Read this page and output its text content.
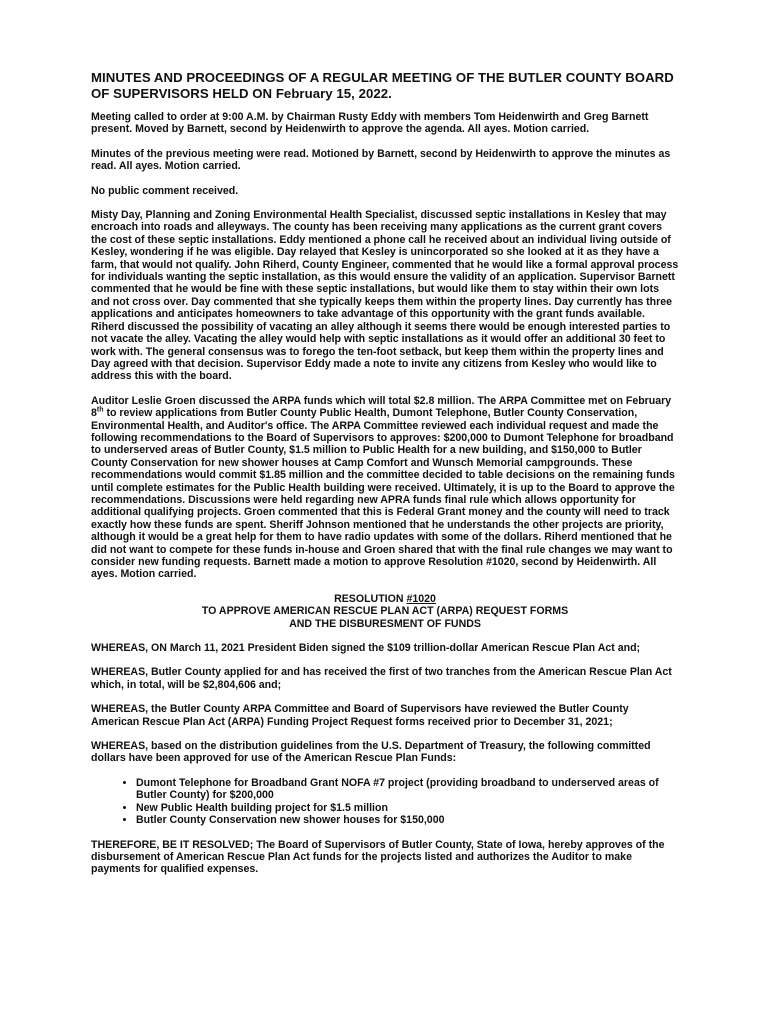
MINUTES AND PROCEEDINGS OF A REGULAR MEETING OF THE BUTLER COUNTY BOARD OF SUPERVISORS HELD ON February 15, 2022.

Meeting called to order at 9:00 A.M. by Chairman Rusty Eddy with members Tom Heidenwirth and Greg Barnett present. Moved by Barnett, second by Heidenwirth to approve the agenda. All ayes. Motion carried.

Minutes of the previous meeting were read. Motioned by Barnett, second by Heidenwirth to approve the minutes as read. All ayes. Motion carried.

No public comment received.

Misty Day, Planning and Zoning Environmental Health Specialist, discussed septic installations in Kesley that may encroach into roads and alleyways. The county has been receiving many applications as the current grant covers the cost of these septic installations. Eddy mentioned a phone call he received about an individual living outside of Kesley, wondering if he was eligible. Day relayed that Kesley is unincorporated so she looked at it as they have a farm, that would not qualify. John Riherd, County Engineer, commented that he would like a formal approval process for individuals wanting the septic installation, as this would ensure the validity of an application. Supervisor Barnett commented that he would be fine with these septic installations, but would like them to stay within their own lots and not cross over. Day commented that she typically keeps them within the property lines. Day currently has three applications and anticipates homeowners to take advantage of this opportunity with the grant funds available. Riherd discussed the possibility of vacating an alley although it seems there would be enough interested parties to not vacate the alley. Vacating the alley would help with septic installations as it would offer an additional 30 feet to work with. The general consensus was to forego the ten-foot setback, but keep them within the property lines and Day agreed with that decision. Supervisor Eddy made a note to invite any citizens from Kesley who would like to address this with the board.

Auditor Leslie Groen discussed the ARPA funds which will total $2.8 million. The ARPA Committee met on February 8th to review applications from Butler County Public Health, Dumont Telephone, Butler County Conservation, Environmental Health, and Auditor's office. The ARPA Committee reviewed each individual request and made the following recommendations to the Board of Supervisors to approves: $200,000 to Dumont Telephone for broadband to underserved areas of Butler County, $1.5 million to Public Health for a new building, and $150,000 to Butler County Conservation for new shower houses at Camp Comfort and Wunsch Memorial campgrounds. These recommendations would commit $1.85 million and the committee decided to table decisions on the remaining funds until complete estimates for the Public Health building were received. Ultimately, it is up to the Board to approve the recommendations. Discussions were held regarding new APRA funds final rule which allows opportunity for additional qualifying projects. Groen commented that this is Federal Grant money and the county will need to track exactly how these funds are spent. Sheriff Johnson mentioned that he understands the other projects are priority, although it would be a great help for them to have radio updates with some of the dollars. Riherd mentioned that he did not want to compete for these funds in-house and Groen shared that with the final rule changes we may want to consider new funding requests. Barnett made a motion to approve Resolution #1020, second by Heidenwirth. All ayes. Motion carried.

RESOLUTION #1020
TO APPROVE AMERICAN RESCUE PLAN ACT (ARPA) REQUEST FORMS
AND THE DISBURESMENT OF FUNDS

WHEREAS, ON March 11, 2021 President Biden signed the $109 trillion-dollar American Rescue Plan Act and;

WHEREAS, Butler County applied for and has received the first of two tranches from the American Rescue Plan Act which, in total, will be $2,804,606 and;

WHEREAS, the Butler County ARPA Committee and Board of Supervisors have reviewed the Butler County American Rescue Plan Act (ARPA) Funding Project Request forms received prior to December 31, 2021;

WHEREAS, based on the distribution guidelines from the U.S. Department of Treasury, the following committed dollars have been approved for use of the American Rescue Plan Funds:

• Dumont Telephone for Broadband Grant NOFA #7 project (providing broadband to underserved areas of Butler County) for $200,000
• New Public Health building project for $1.5 million
• Butler County Conservation new shower houses for $150,000

THEREFORE, BE IT RESOLVED; The Board of Supervisors of Butler County, State of Iowa, hereby approves of the disbursement of American Rescue Plan Act funds for the projects listed and authorizes the Auditor to make payments for qualified expenses.
